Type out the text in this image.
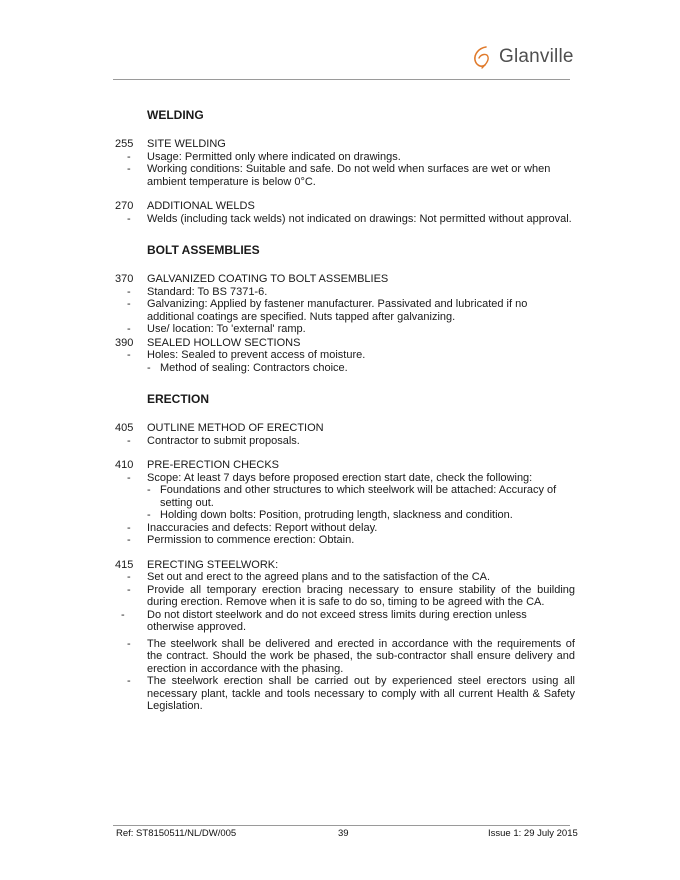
Glanville
WELDING
255	SITE WELDING
- Usage: Permitted only where indicated on drawings.
- Working conditions: Suitable and safe. Do not weld when surfaces are wet or when ambient temperature is below 0°C.
270	ADDITIONAL WELDS
- Welds (including tack welds) not indicated on drawings: Not permitted without approval.
BOLT ASSEMBLIES
370	GALVANIZED COATING TO BOLT ASSEMBLIES
- Standard: To BS 7371-6.
- Galvanizing: Applied by fastener manufacturer. Passivated and lubricated if no additional coatings are specified. Nuts tapped after galvanizing.
- Use/ location: To 'external' ramp.
390	SEALED HOLLOW SECTIONS
- Holes: Sealed to prevent access of moisture.
- Method of sealing: Contractors choice.
ERECTION
405	OUTLINE METHOD OF ERECTION
- Contractor to submit proposals.
410	PRE-ERECTION CHECKS
- Scope: At least 7 days before proposed erection start date, check the following:
- Foundations and other structures to which steelwork will be attached: Accuracy of setting out.
- Holding down bolts: Position, protruding length, slackness and condition.
- Inaccuracies and defects: Report without delay.
- Permission to commence erection: Obtain.
415	ERECTING STEELWORK:
- Set out and erect to the agreed plans and to the satisfaction of the CA.
- Provide all temporary erection bracing necessary to ensure stability of the building during erection. Remove when it is safe to do so, timing to be agreed with the CA.
- Do not distort steelwork and do not exceed stress limits during erection unless otherwise approved.
- The steelwork shall be delivered and erected in accordance with the requirements of the contract. Should the work be phased, the sub-contractor shall ensure delivery and erection in accordance with the phasing.
- The steelwork erection shall be carried out by experienced steel erectors using all necessary plant, tackle and tools necessary to comply with all current Health & Safety Legislation.
Ref: ST8150511/NL/DW/005	39	Issue 1: 29 July 2015
